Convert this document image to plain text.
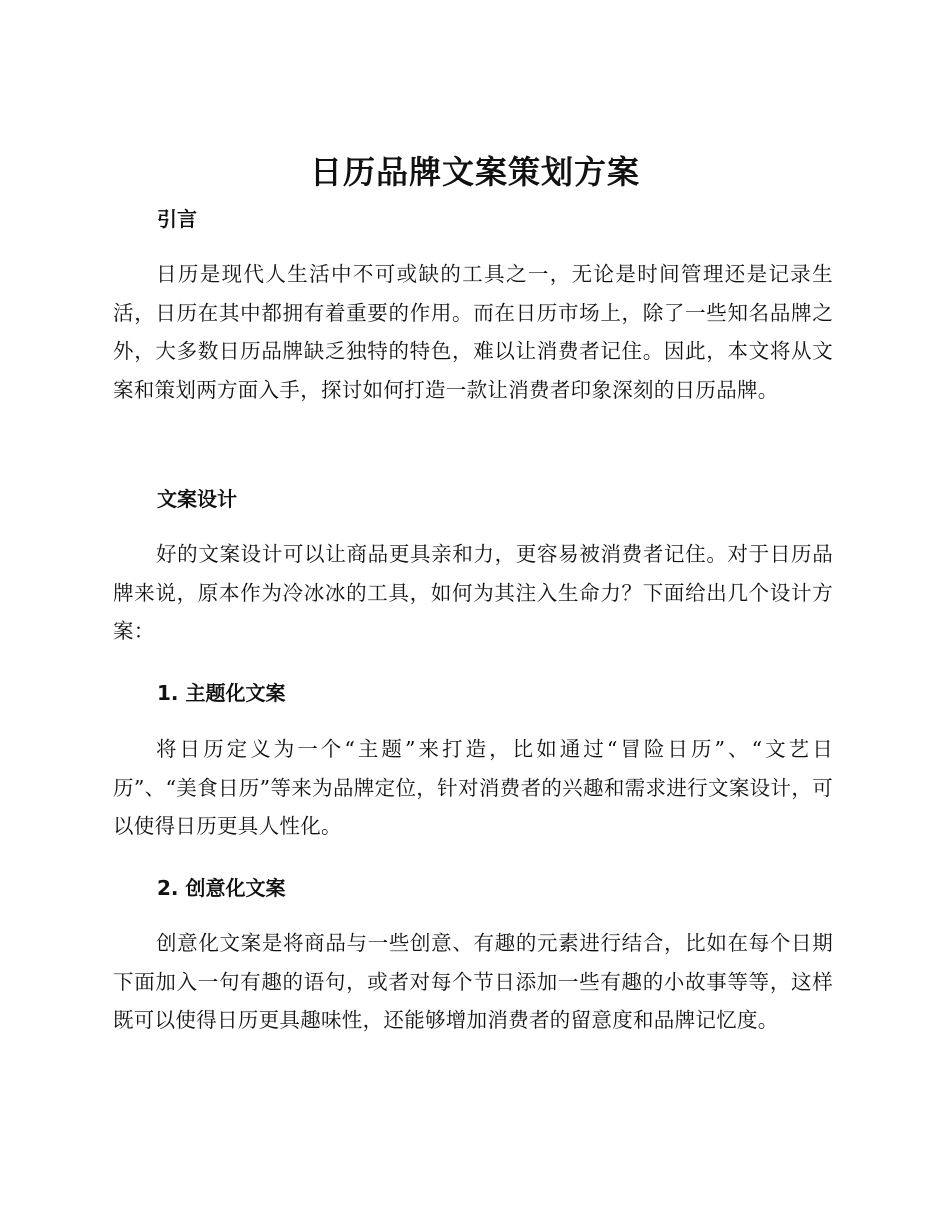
日历品牌文案策划方案
引言

日历是现代人生活中不可或缺的工具之一，无论是时间管理还是记录生活，日历在其中都拥有着重要的作用。而在日历市场上，除了一些知名品牌之外，大多数日历品牌缺乏独特的特色，难以让消费者记住。因此，本文将从文案和策划两方面入手，探讨如何打造一款让消费者印象深刻的日历品牌。

文案设计

好的文案设计可以让商品更具亲和力，更容易被消费者记住。对于日历品牌来说，原本作为冷冰冰的工具，如何为其注入生命力？下面给出几个设计方案：

1. 主题化文案

将日历定义为一个“主题”来打造，比如通过“冒险日历”、“文艺日历”、“美食日历”等来为品牌定位，针对消费者的兴趣和需求进行文案设计，可以使得日历更具人性化。

2. 创意化文案

创意化文案是将商品与一些创意、有趣的元素进行结合，比如在每个日期下面加入一句有趣的语句，或者对每个节日添加一些有趣的小故事等等，这样既可以使得日历更具趣味性，还能够增加消费者的留意度和品牌记忆度。
